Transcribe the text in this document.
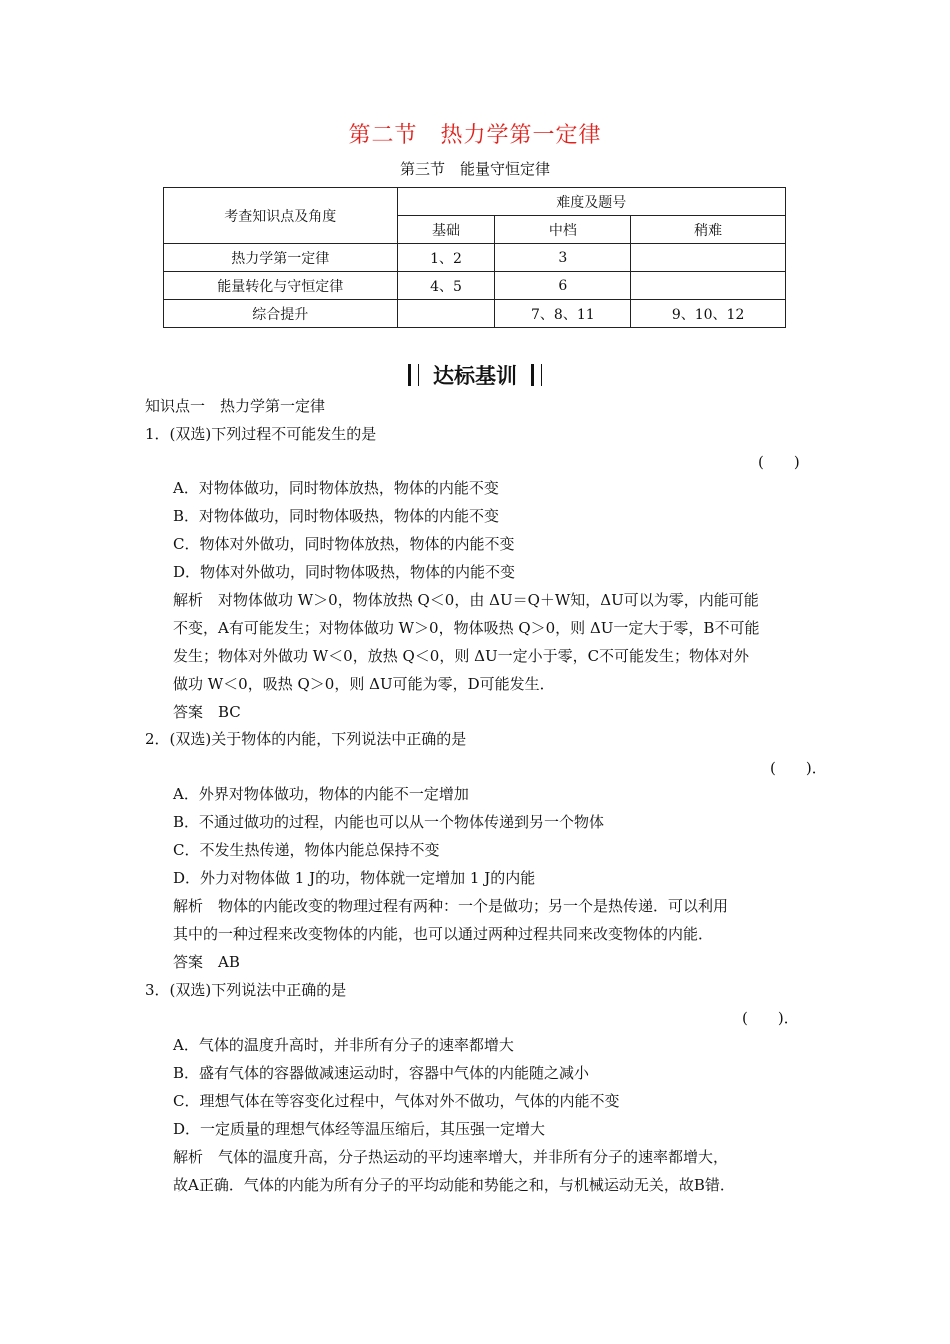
第二节　热力学第一定律
第三节　能量守恒定律
考查知识点及角度	难度及题号		
	基础	中档	稍难
热力学第一定律	1、2	3	
能量转化与守恒定律	4、5	6	
综合提升		7、8、11	9、10、12
达标基训
知识点一　热力学第一定律
1．(双选)下列过程不可能发生的是
(　　)
A．对物体做功，同时物体放热，物体的内能不变
B．对物体做功，同时物体吸热，物体的内能不变
C．物体对外做功，同时物体放热，物体的内能不变
D．物体对外做功，同时物体吸热，物体的内能不变
解析　对物体做功 W＞0，物体放热 Q＜0，由 ΔU＝Q＋W知，ΔU可以为零，内能可能
不变，A有可能发生；对物体做功 W＞0，物体吸热 Q＞0，则 ΔU一定大于零，B不可能
发生；物体对外做功 W＜0，放热 Q＜0，则 ΔU一定小于零，C不可能发生；物体对外
做功 W＜0，吸热 Q＞0，则 ΔU可能为零，D可能发生．
答案　BC
2．(双选)关于物体的内能，下列说法中正确的是
(　　)．
A．外界对物体做功，物体的内能不一定增加
B．不通过做功的过程，内能也可以从一个物体传递到另一个物体
C．不发生热传递，物体内能总保持不变
D．外力对物体做 1 J的功，物体就一定增加 1 J的内能
解析　物体的内能改变的物理过程有两种：一个是做功；另一个是热传递．可以利用
其中的一种过程来改变物体的内能，也可以通过两种过程共同来改变物体的内能．
答案　AB
3．(双选)下列说法中正确的是
(　　)．
A．气体的温度升高时，并非所有分子的速率都增大
B．盛有气体的容器做减速运动时，容器中气体的内能随之减小
C．理想气体在等容变化过程中，气体对外不做功，气体的内能不变
D．一定质量的理想气体经等温压缩后，其压强一定增大
解析　气体的温度升高，分子热运动的平均速率增大，并非所有分子的速率都增大，
故A正确．气体的内能为所有分子的平均动能和势能之和，与机械运动无关，故B错．
